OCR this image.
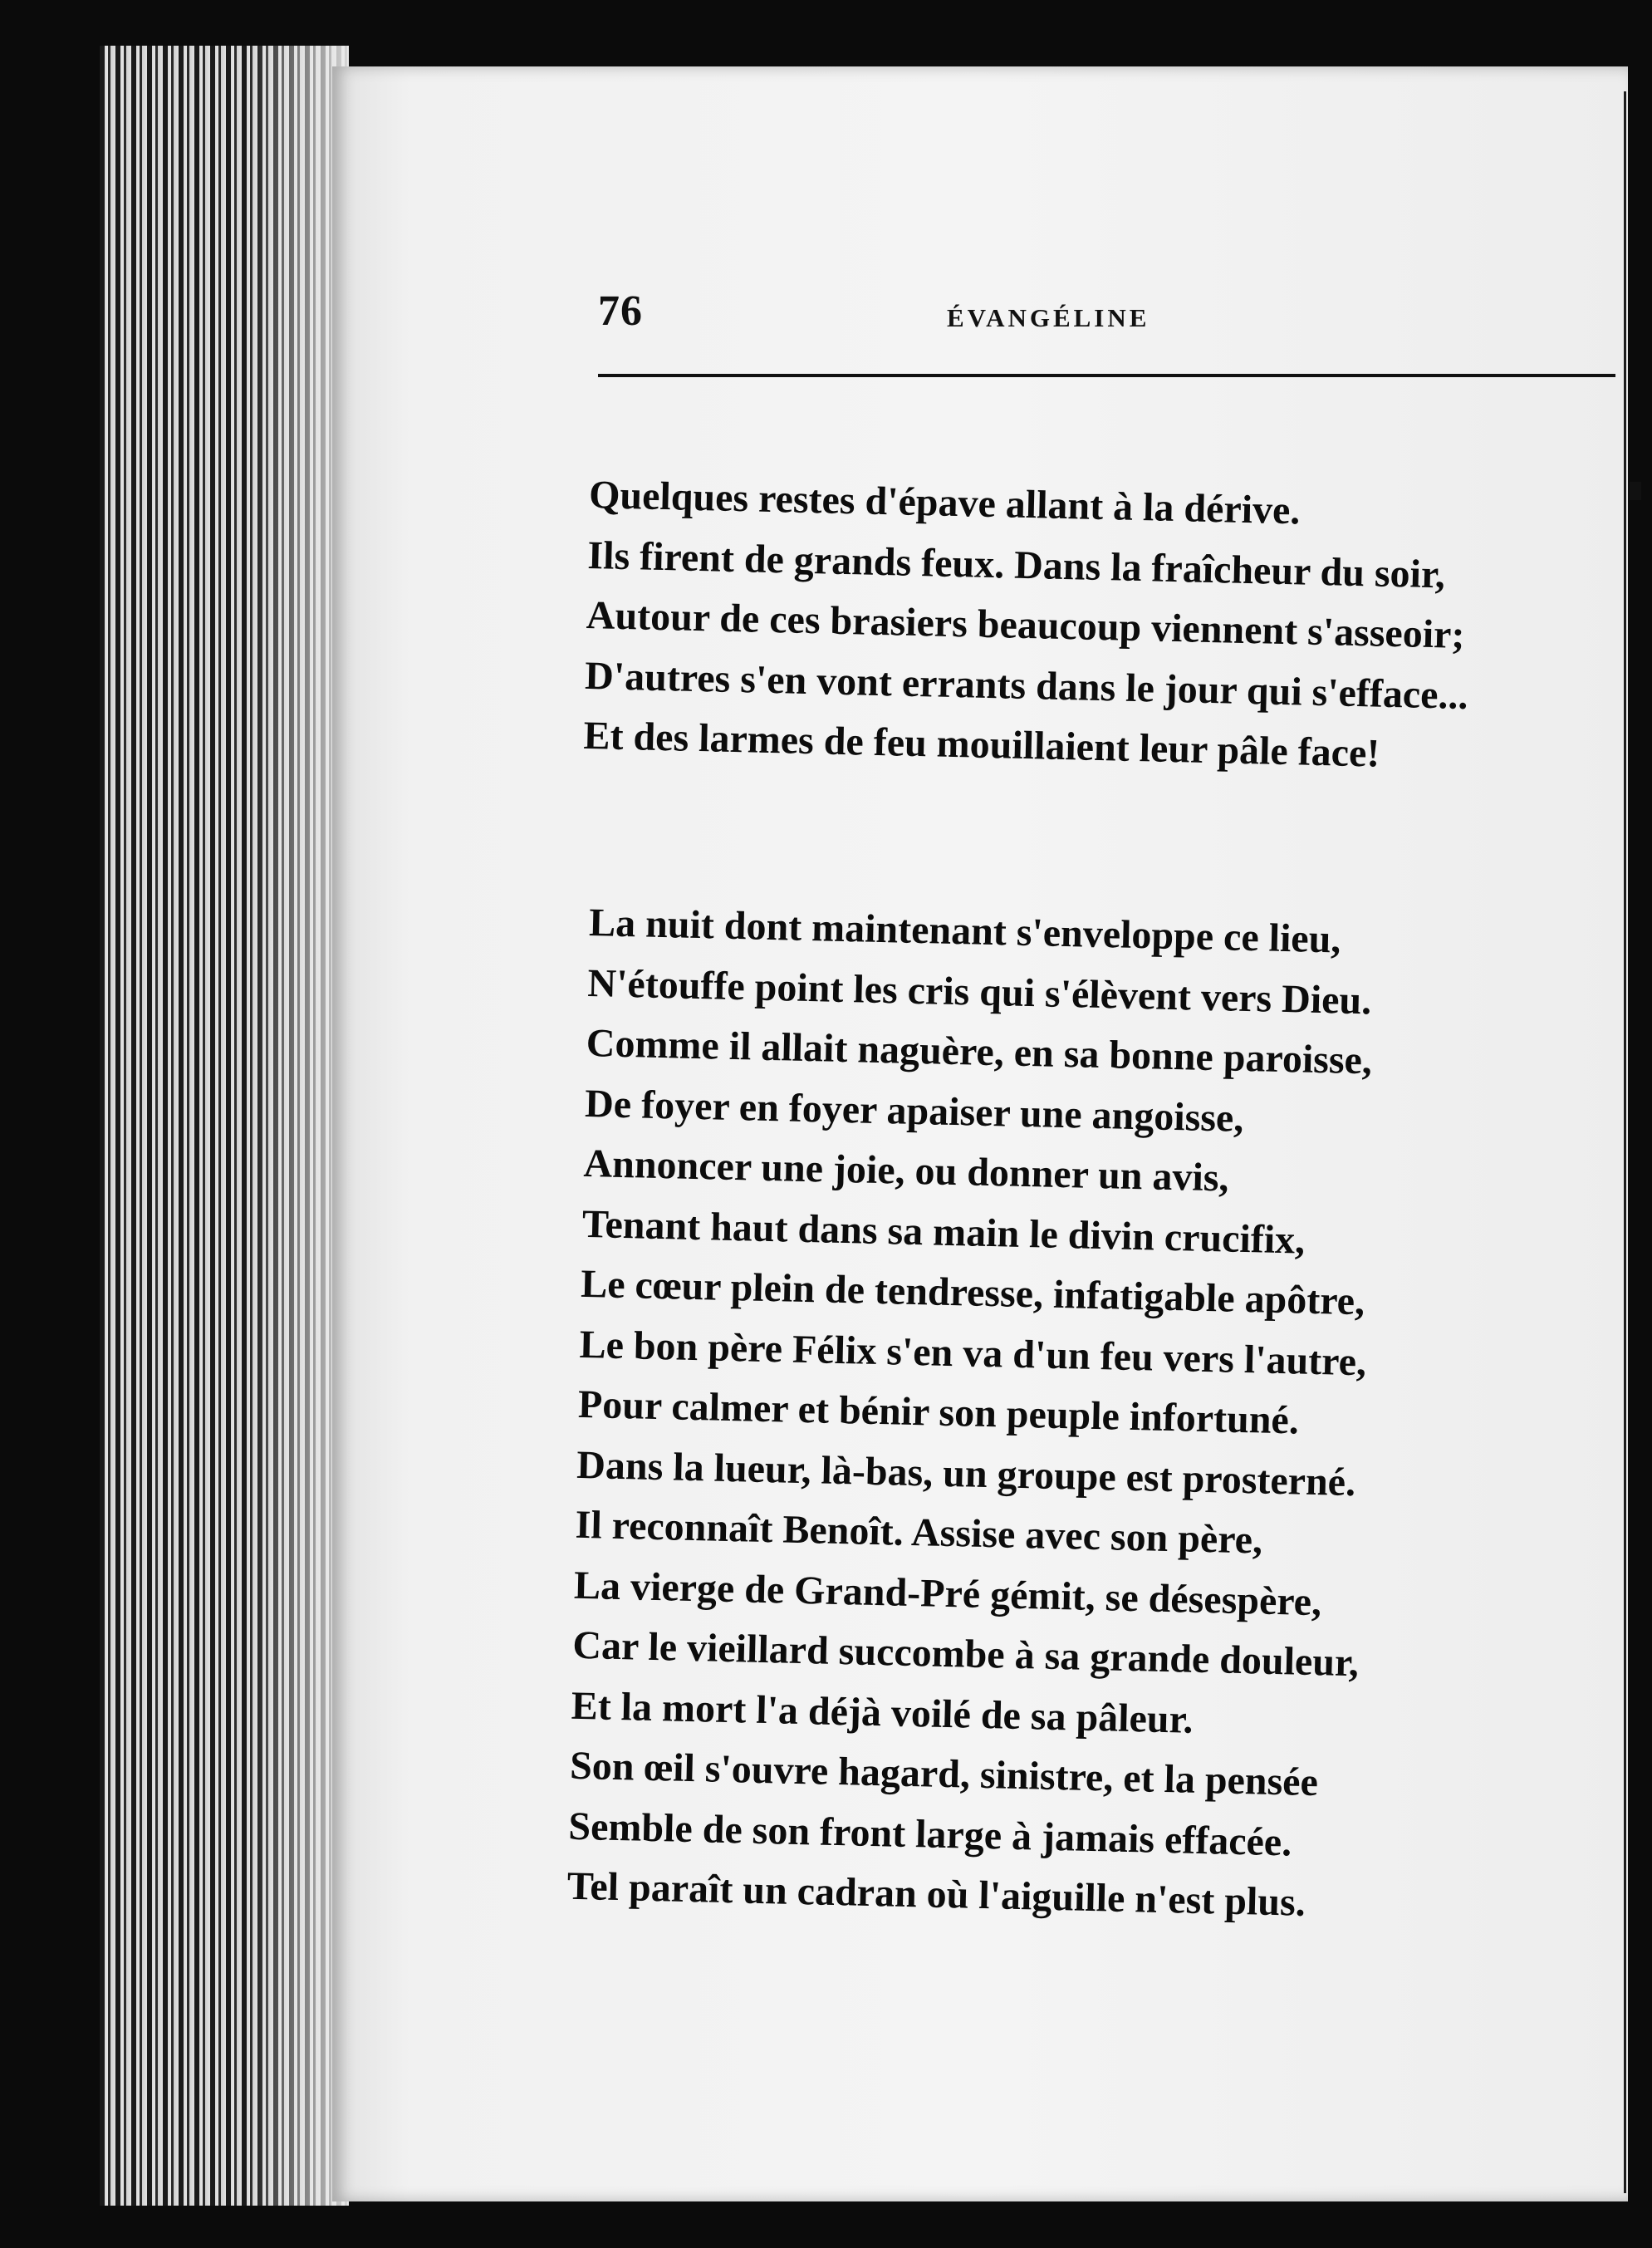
76	ÉVANGÉLINE
Quelques restes d'épave allant à la dérive.
Ils firent de grands feux. Dans la fraîcheur du soir,
Autour de ces brasiers beaucoup viennent s'asseoir;
D'autres s'en vont errants dans le jour qui s'efface...
Et des larmes de feu mouillaient leur pâle face!
La nuit dont maintenant s'enveloppe ce lieu,
N'étouffe point les cris qui s'élèvent vers Dieu.
Comme il allait naguère, en sa bonne paroisse,
De foyer en foyer apaiser une angoisse,
Annoncer une joie, ou donner un avis,
Tenant haut dans sa main le divin crucifix,
Le cœur plein de tendresse, infatigable apôtre,
Le bon père Félix s'en va d'un feu vers l'autre,
Pour calmer et bénir son peuple infortuné.
Dans la lueur, là-bas, un groupe est prosterné.
Il reconnaît Benoît. Assise avec son père,
La vierge de Grand-Pré gémit, se désespère,
Car le vieillard succombe à sa grande douleur,
Et la mort l'a déjà voilé de sa pâleur.
Son œil s'ouvre hagard, sinistre, et la pensée
Semble de son front large à jamais effacée.
Tel paraît un cadran où l'aiguille n'est plus.
